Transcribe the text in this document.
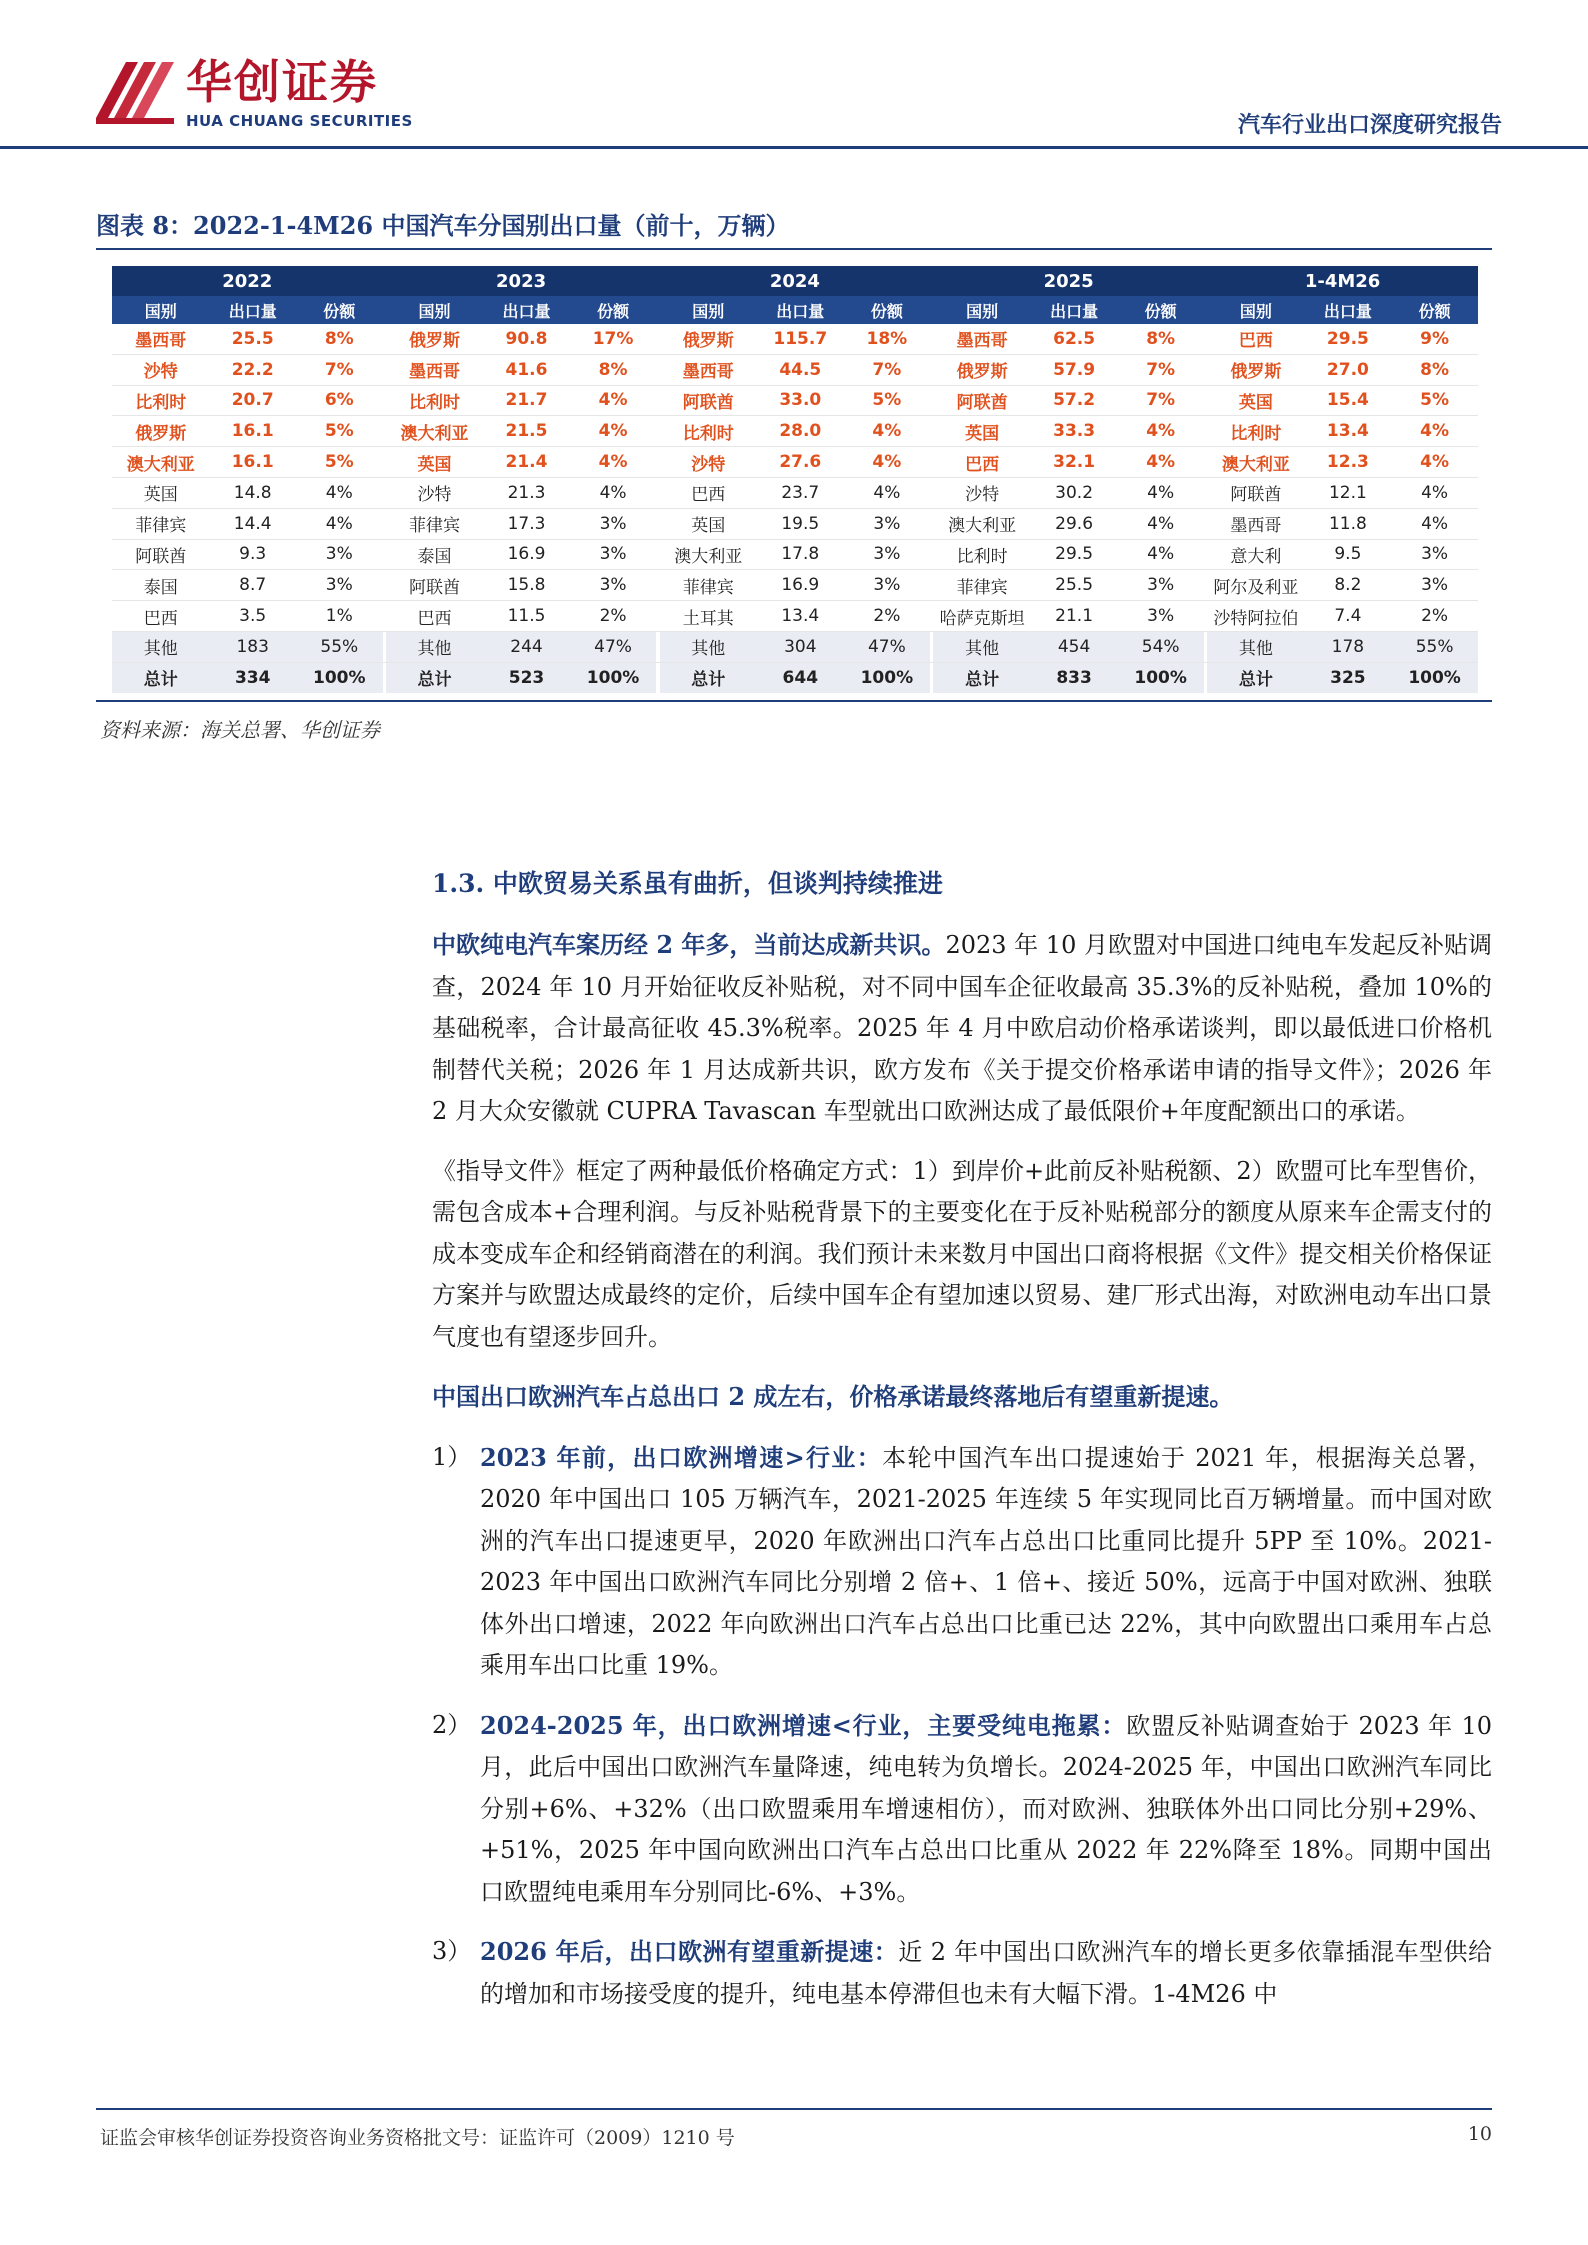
华创证券
HUA CHUANG SECURITIES	汽车行业出口深度研究报告
图表 8：2022-1-4M26 中国汽车分国别出口量（前十，万辆）
2022				2023				2024				2025				1-4M26		
国别	出口量	份额		国别	出口量	份额		国别	出口量	份额		国别	出口量	份额		国别	出口量	份额
墨西哥	25.5	8%		俄罗斯	90.8	17%		俄罗斯	115.7	18%		墨西哥	62.5	8%		巴西	29.5	9%
沙特	22.2	7%		墨西哥	41.6	8%		墨西哥	44.5	7%		俄罗斯	57.9	7%		俄罗斯	27.0	8%
比利时	20.7	6%		比利时	21.7	4%		阿联酋	33.0	5%		阿联酋	57.2	7%		英国	15.4	5%
俄罗斯	16.1	5%		澳大利亚	21.5	4%		比利时	28.0	4%		英国	33.3	4%		比利时	13.4	4%
澳大利亚	16.1	5%		英国	21.4	4%		沙特	27.6	4%		巴西	32.1	4%		澳大利亚	12.3	4%
英国	14.8	4%		沙特	21.3	4%		巴西	23.7	4%		沙特	30.2	4%		阿联酋	12.1	4%
菲律宾	14.4	4%		菲律宾	17.3	3%		英国	19.5	3%		澳大利亚	29.6	4%		墨西哥	11.8	4%
阿联酋	9.3	3%		泰国	16.9	3%		澳大利亚	17.8	3%		比利时	29.5	4%		意大利	9.5	3%
泰国	8.7	3%		阿联酋	15.8	3%		菲律宾	16.9	3%		菲律宾	25.5	3%		阿尔及利亚	8.2	3%
巴西	3.5	1%		巴西	11.5	2%		土耳其	13.4	2%		哈萨克斯坦	21.1	3%		沙特阿拉伯	7.4	2%
其他	183	55%		其他	244	47%		其他	304	47%		其他	454	54%		其他	178	55%
总计	334	100%		总计	523	100%		总计	644	100%		总计	833	100%		总计	325	100%
资料来源：海关总署、华创证券
1.3. 中欧贸易关系虽有曲折，但谈判持续推进

中欧纯电汽车案历经 2 年多，当前达成新共识。2023 年 10 月欧盟对中国进口纯电车发起反补贴调查，2024 年 10 月开始征收反补贴税，对不同中国车企征收最高 35.3%的反补贴税，叠加 10%的基础税率，合计最高征收 45.3%税率。2025 年 4 月中欧启动价格承诺谈判，即以最低进口价格机制替代关税；2026 年 1 月达成新共识，欧方发布《关于提交价格承诺申请的指导文件》；2026 年 2 月大众安徽就 CUPRA Tavascan 车型就出口欧洲达成了最低限价+年度配额出口的承诺。

《指导文件》框定了两种最低价格确定方式：1）到岸价+此前反补贴税额、2）欧盟可比车型售价，需包含成本+合理利润。与反补贴税背景下的主要变化在于反补贴税部分的额度从原来车企需支付的成本变成车企和经销商潜在的利润。我们预计未来数月中国出口商将根据《文件》提交相关价格保证方案并与欧盟达成最终的定价，后续中国车企有望加速以贸易、建厂形式出海，对欧洲电动车出口景气度也有望逐步回升。

中国出口欧洲汽车占总出口 2 成左右，价格承诺最终落地后有望重新提速。

1） 2023 年前，出口欧洲增速>行业：本轮中国汽车出口提速始于 2021 年，根据海关总署，2020 年中国出口 105 万辆汽车，2021-2025 年连续 5 年实现同比百万辆增量。而中国对欧洲的汽车出口提速更早，2020 年欧洲出口汽车占总出口比重同比提升 5PP 至 10%。2021-2023 年中国出口欧洲汽车同比分别增 2 倍+、1 倍+、接近 50%，远高于中国对欧洲、独联体外出口增速，2022 年向欧洲出口汽车占总出口比重已达 22%，其中向欧盟出口乘用车占总乘用车出口比重 19%。
2） 2024-2025 年，出口欧洲增速<行业，主要受纯电拖累：欧盟反补贴调查始于 2023 年 10 月，此后中国出口欧洲汽车量降速，纯电转为负增长。2024-2025 年，中国出口欧洲汽车同比分别+6%、+32%（出口欧盟乘用车增速相仿），而对欧洲、独联体外出口同比分别+29%、+51%，2025 年中国向欧洲出口汽车占总出口比重从 2022 年 22%降至 18%。同期中国出口欧盟纯电乘用车分别同比-6%、+3%。
3） 2026 年后，出口欧洲有望重新提速：近 2 年中国出口欧洲汽车的增长更多依靠插混车型供给的增加和市场接受度的提升，纯电基本停滞但也未有大幅下滑。1-4M26 中
证监会审核华创证券投资咨询业务资格批文号：证监许可（2009）1210 号	10
